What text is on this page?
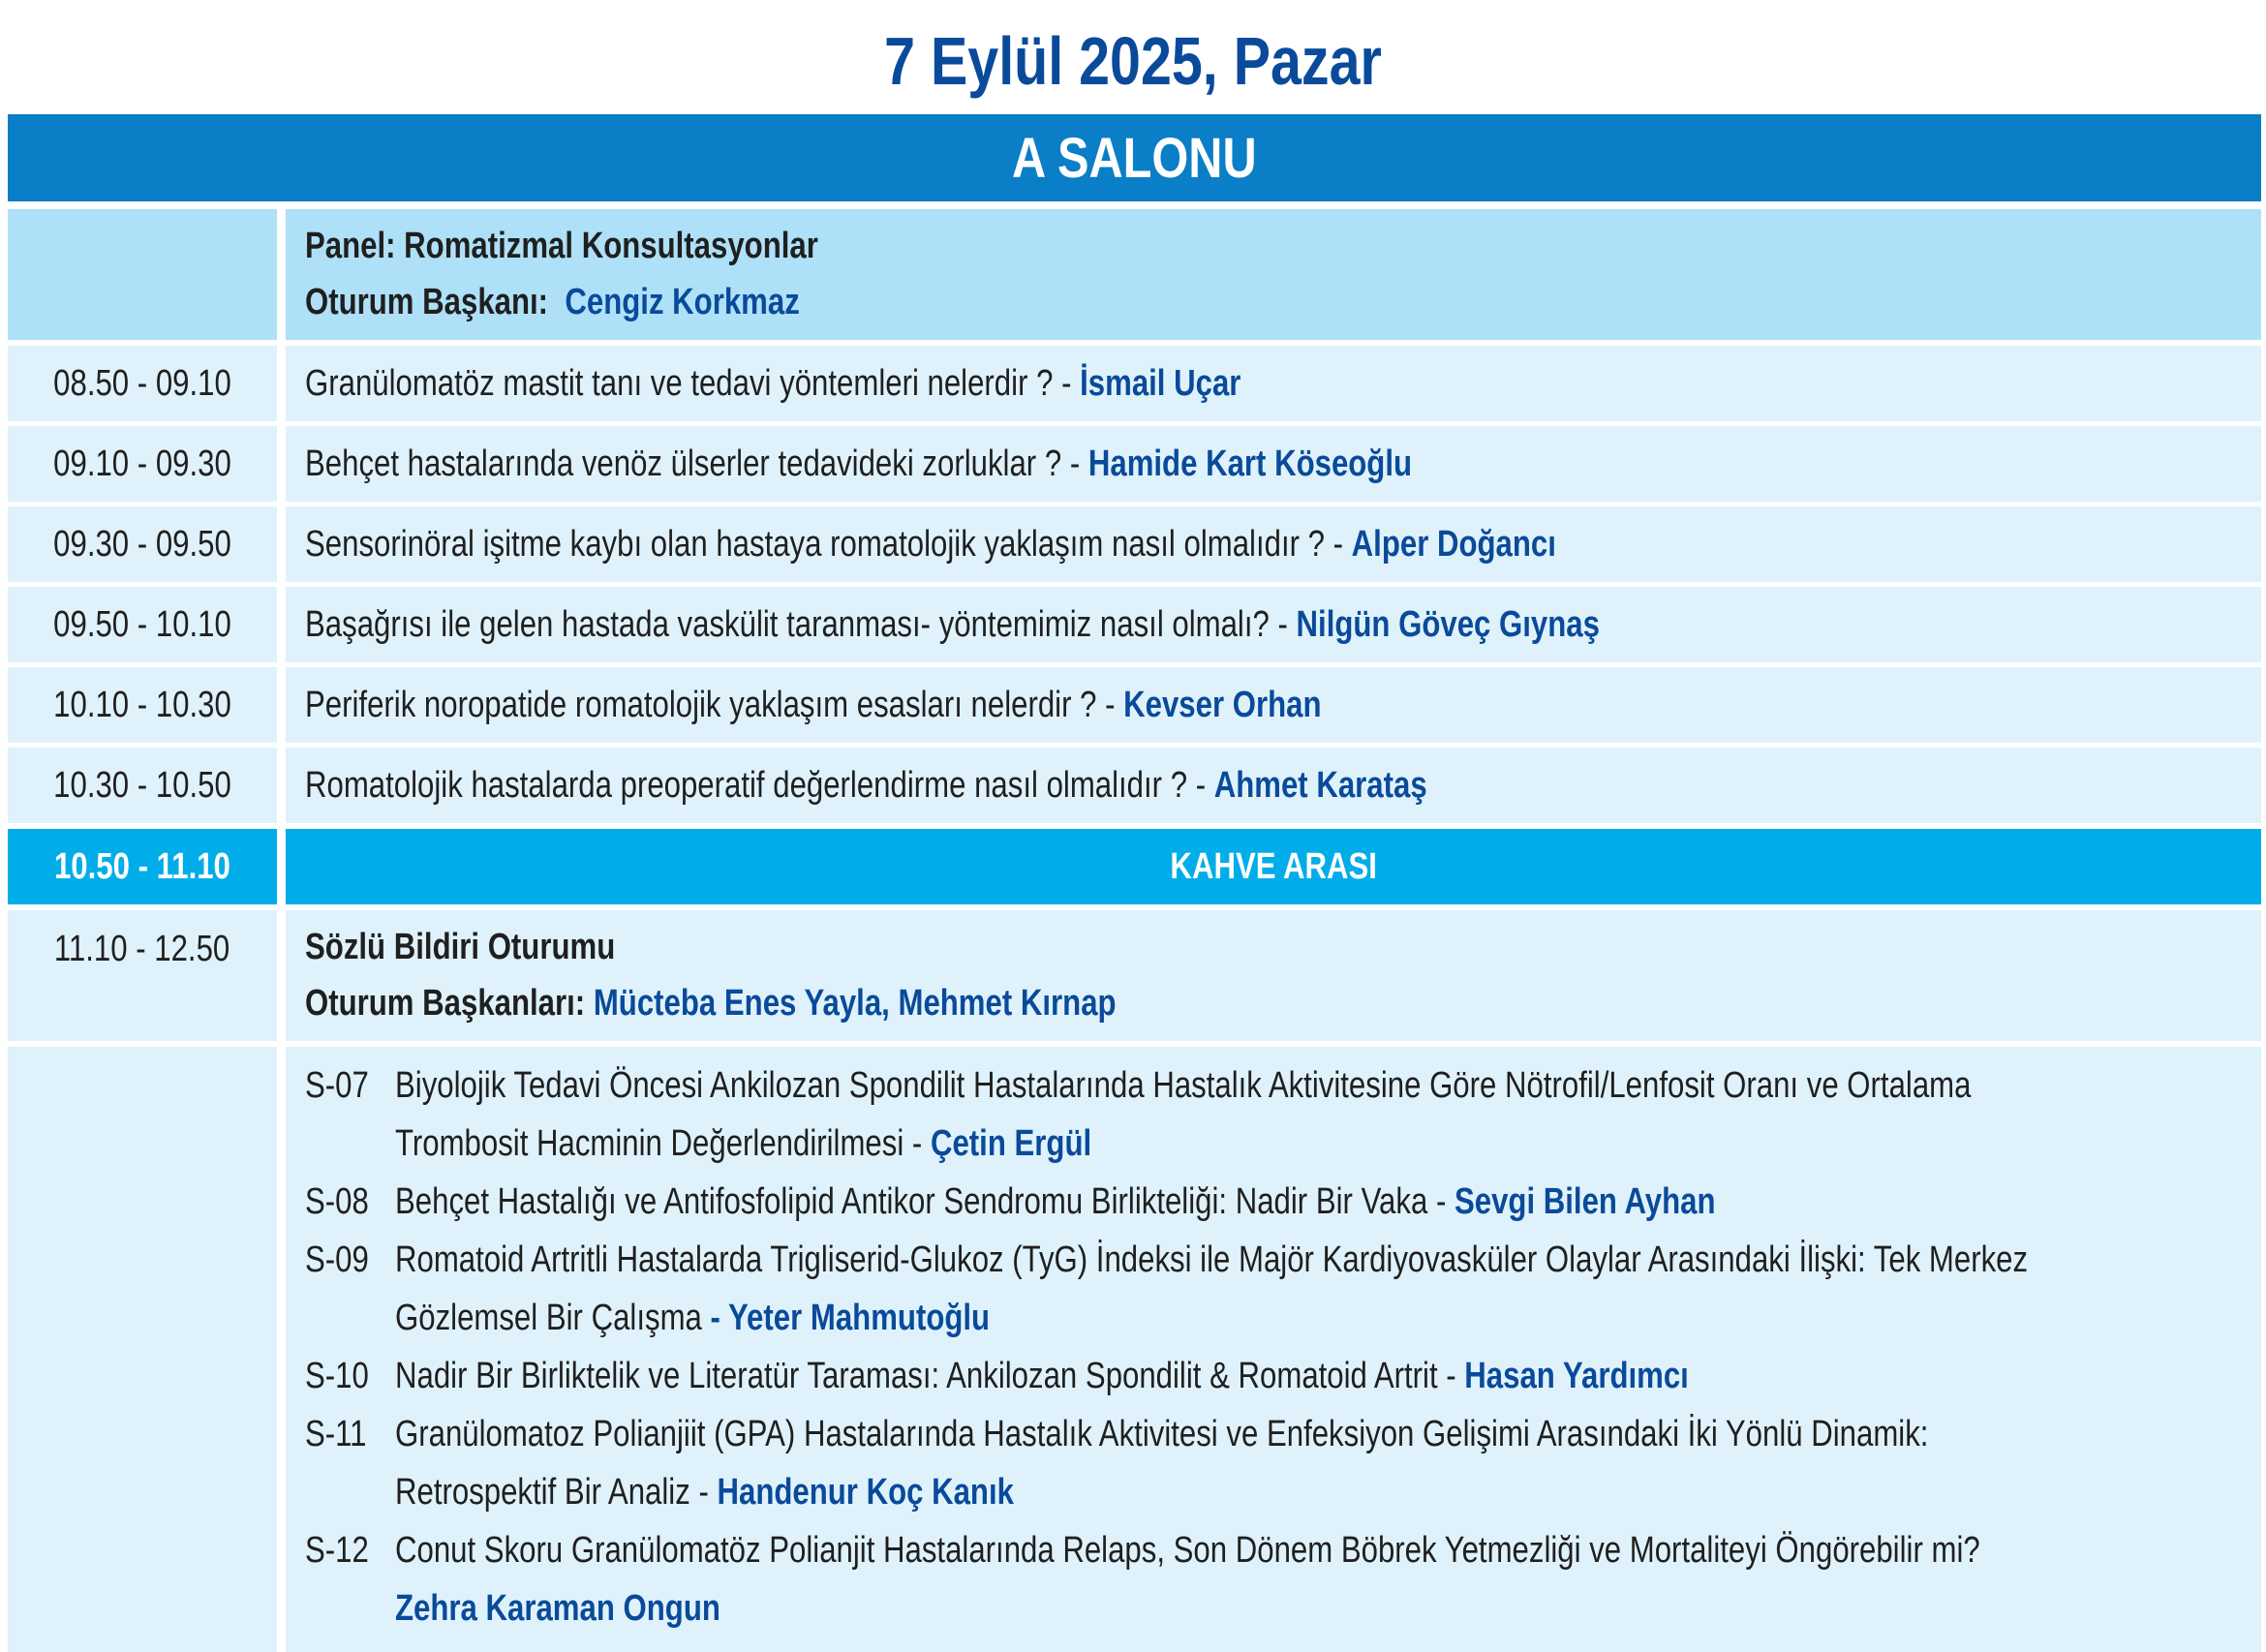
7 Eylül 2025, Pazar
A SALONU
Panel: Romatizmal Konsultasyonlar
Oturum Başkanı: Cengiz Korkmaz
08.50 - 09.10	Granülomatöz mastit tanı ve tedavi yöntemleri nelerdir ? - İsmail Uçar
09.10 - 09.30	Behçet hastalarında venöz ülserler tedavideki zorluklar ? - Hamide Kart Köseoğlu
09.30 - 09.50	Sensorinöral işitme kaybı olan hastaya romatolojik yaklaşım nasıl olmalıdır ? - Alper Doğancı
09.50 - 10.10	Başağrısı ile gelen hastada vaskülit taranması- yöntemimiz nasıl olmalı? - Nilgün Göveç Gıynaş
10.10 - 10.30	Periferik noropatide romatolojik yaklaşım esasları nelerdir ? - Kevser Orhan
10.30 - 10.50	Romatolojik hastalarda preoperatif değerlendirme nasıl olmalıdır ? - Ahmet Karataş
10.50 - 11.10	KAHVE ARASI
11.10 - 12.50	Sözlü Bildiri Oturumu
Oturum Başkanları: Mücteba Enes Yayla, Mehmet Kırnap
S-07 Biyolojik Tedavi Öncesi Ankilozan Spondilit Hastalarında Hastalık Aktivitesine Göre Nötrofil/Lenfosit Oranı ve Ortalama
Trombosit Hacminin Değerlendirilmesi - Çetin Ergül
S-08 Behçet Hastalığı ve Antifosfolipid Antikor Sendromu Birlikteliği: Nadir Bir Vaka - Sevgi Bilen Ayhan
S-09 Romatoid Artritli Hastalarda Trigliserid-Glukoz (TyG) İndeksi ile Majör Kardiyovasküler Olaylar Arasındaki İlişki: Tek Merkez
Gözlemsel Bir Çalışma - Yeter Mahmutoğlu
S-10 Nadir Bir Birliktelik ve Literatür Taraması: Ankilozan Spondilit & Romatoid Artrit - Hasan Yardımcı
S-11 Granülomatoz Polianjiit (GPA) Hastalarında Hastalık Aktivitesi ve Enfeksiyon Gelişimi Arasındaki İki Yönlü Dinamik:
Retrospektif Bir Analiz - Handenur Koç Kanık
S-12 Conut Skoru Granülomatöz Polianjit Hastalarında Relaps, Son Dönem Böbrek Yetmezliği ve Mortaliteyi Öngörebilir mi?
Zehra Karaman Ongun
